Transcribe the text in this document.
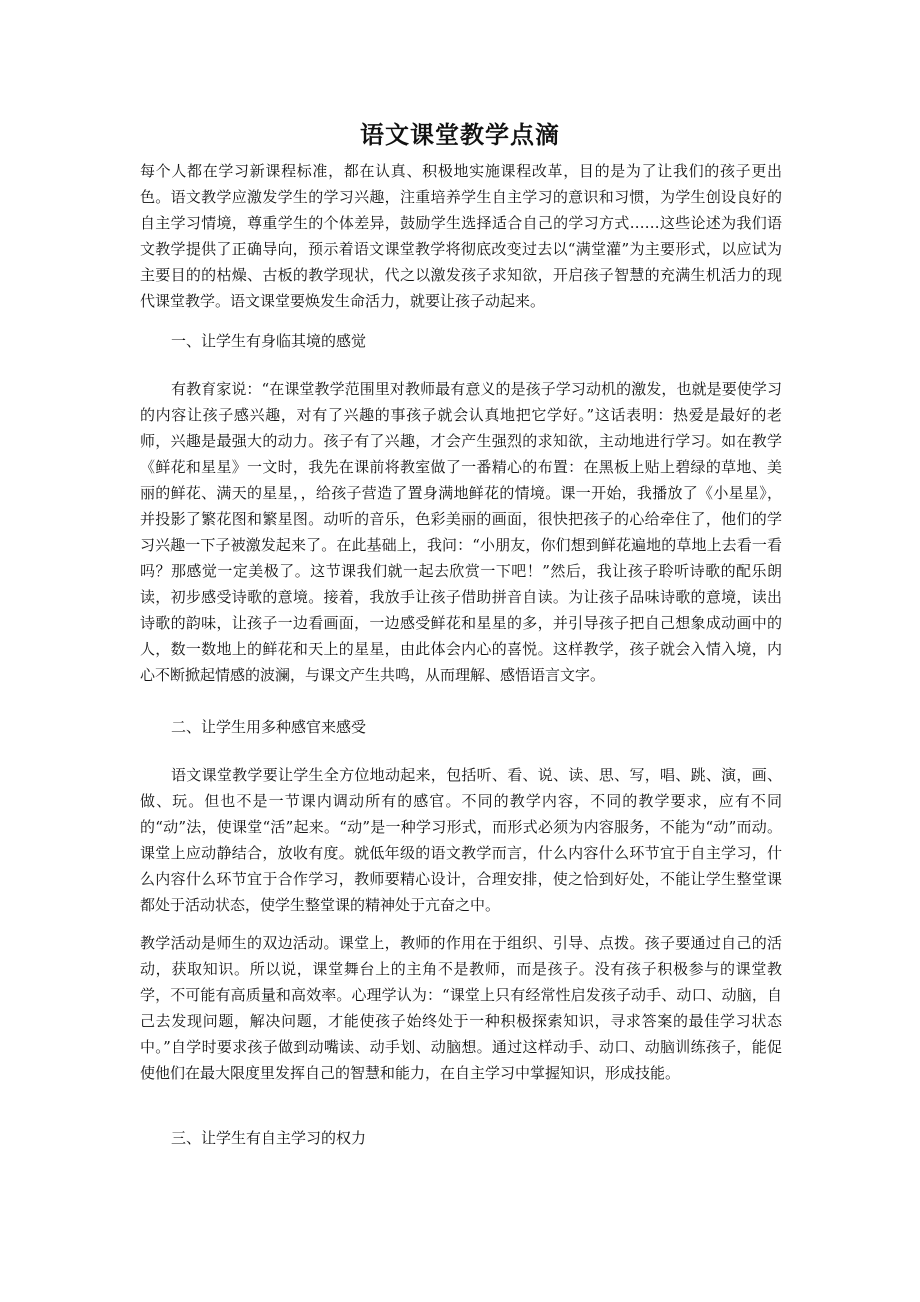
语文课堂教学点滴

每个人都在学习新课程标准，都在认真、积极地实施课程改革，目的是为了让我们的孩子更出色。语文教学应激发学生的学习兴趣，注重培养学生自主学习的意识和习惯，为学生创设良好的自主学习情境，尊重学生的个体差异，鼓励学生选择适合自己的学习方式……这些论述为我们语文教学提供了正确导向，预示着语文课堂教学将彻底改变过去以“满堂灌”为主要形式，以应试为主要目的的枯燥、古板的教学现状，代之以激发孩子求知欲，开启孩子智慧的充满生机活力的现代课堂教学。语文课堂要焕发生命活力，就要让孩子动起来。

一、让学生有身临其境的感觉

有教育家说：“在课堂教学范围里对教师最有意义的是孩子学习动机的激发，也就是要使学习的内容让孩子感兴趣，对有了兴趣的事孩子就会认真地把它学好。”这话表明：热爱是最好的老师，兴趣是最强大的动力。孩子有了兴趣，才会产生强烈的求知欲，主动地进行学习。如在教学《鲜花和星星》一文时，我先在课前将教室做了一番精心的布置：在黑板上贴上碧绿的草地、美丽的鲜花、满天的星星，，给孩子营造了置身满地鲜花的情境。课一开始，我播放了《小星星》，并投影了繁花图和繁星图。动听的音乐，色彩美丽的画面，很快把孩子的心给牵住了，他们的学习兴趣一下子被激发起来了。在此基础上，我问：“小朋友，你们想到鲜花遍地的草地上去看一看吗？那感觉一定美极了。这节课我们就一起去欣赏一下吧！”然后，我让孩子聆听诗歌的配乐朗读，初步感受诗歌的意境。接着，我放手让孩子借助拼音自读。为让孩子品味诗歌的意境，读出诗歌的韵味，让孩子一边看画面，一边感受鲜花和星星的多，并引导孩子把自己想象成动画中的人，数一数地上的鲜花和天上的星星，由此体会内心的喜悦。这样教学，孩子就会入情入境，内心不断掀起情感的波澜，与课文产生共鸣，从而理解、感悟语言文字。

二、让学生用多种感官来感受

语文课堂教学要让学生全方位地动起来，包括听、看、说、读、思、写，唱、跳、演，画、做、玩。但也不是一节课内调动所有的感官。不同的教学内容，不同的教学要求，应有不同的“动”法，使课堂“活”起来。“动”是一种学习形式，而形式必须为内容服务，不能为“动”而动。课堂上应动静结合，放收有度。就低年级的语文教学而言，什么内容什么环节宜于自主学习，什么内容什么环节宜于合作学习，教师要精心设计，合理安排，使之恰到好处，不能让学生整堂课都处于活动状态，使学生整堂课的精神处于亢奋之中。

教学活动是师生的双边活动。课堂上，教师的作用在于组织、引导、点拨。孩子要通过自己的活动，获取知识。所以说，课堂舞台上的主角不是教师，而是孩子。没有孩子积极参与的课堂教学，不可能有高质量和高效率。心理学认为：“课堂上只有经常性启发孩子动手、动口、动脑，自己去发现问题，解决问题，才能使孩子始终处于一种积极探索知识，寻求答案的最佳学习状态中。”自学时要求孩子做到动嘴读、动手划、动脑想。通过这样动手、动口、动脑训练孩子，能促使他们在最大限度里发挥自己的智慧和能力，在自主学习中掌握知识，形成技能。

三、让学生有自主学习的权力
